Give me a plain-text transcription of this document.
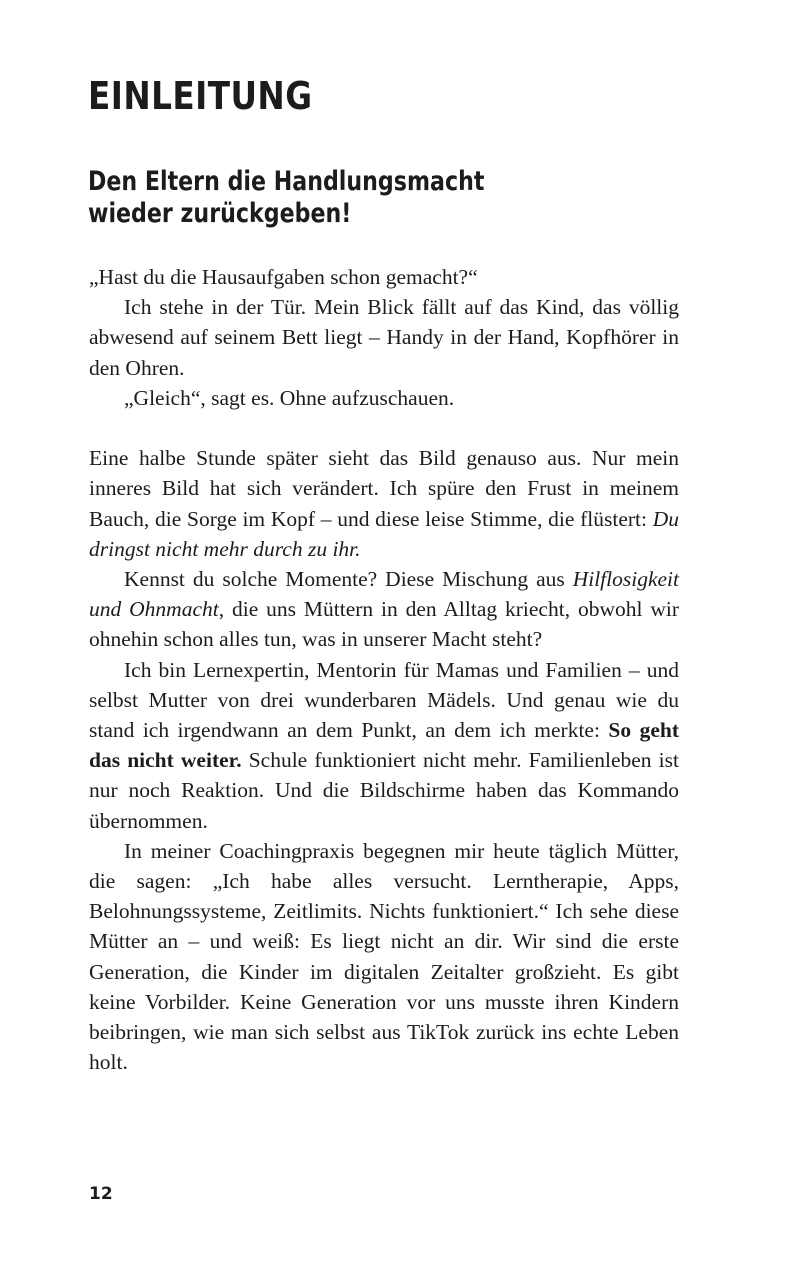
EINLEITUNG
Den Eltern die Handlungsmacht
wieder zurückgeben!

„Hast du die Hausaufgaben schon gemacht?“

Ich stehe in der Tür. Mein Blick fällt auf das Kind, das völlig abwesend auf seinem Bett liegt – Handy in der Hand, Kopfhörer in den Ohren.

„Gleich“, sagt es. Ohne aufzuschauen.

Eine halbe Stunde später sieht das Bild genauso aus. Nur mein inneres Bild hat sich verändert. Ich spüre den Frust in meinem Bauch, die Sorge im Kopf – und diese leise Stimme, die flüstert: Du dringst nicht mehr durch zu ihr.

Kennst du solche Momente? Diese Mischung aus Hilflosigkeit und Ohnmacht, die uns Müttern in den Alltag kriecht, obwohl wir ohnehin schon alles tun, was in unserer Macht steht?

Ich bin Lernexpertin, Mentorin für Mamas und Familien – und selbst Mutter von drei wunderbaren Mädels. Und genau wie du stand ich irgendwann an dem Punkt, an dem ich merkte: So geht das nicht weiter. Schule funktioniert nicht mehr. Familienleben ist nur noch Reaktion. Und die Bildschirme haben das Kommando übernommen.

In meiner Coachingpraxis begegnen mir heute täglich Mütter, die sagen: „Ich habe alles versucht. Lerntherapie, Apps, Belohnungssysteme, Zeitlimits. Nichts funktioniert.“ Ich sehe diese Mütter an – und weiß: Es liegt nicht an dir. Wir sind die erste Generation, die Kinder im digitalen Zeitalter großzieht. Es gibt keine Vorbilder. Keine Generation vor uns musste ihren Kindern beibringen, wie man sich selbst aus TikTok zurück ins echte Leben holt.

12
